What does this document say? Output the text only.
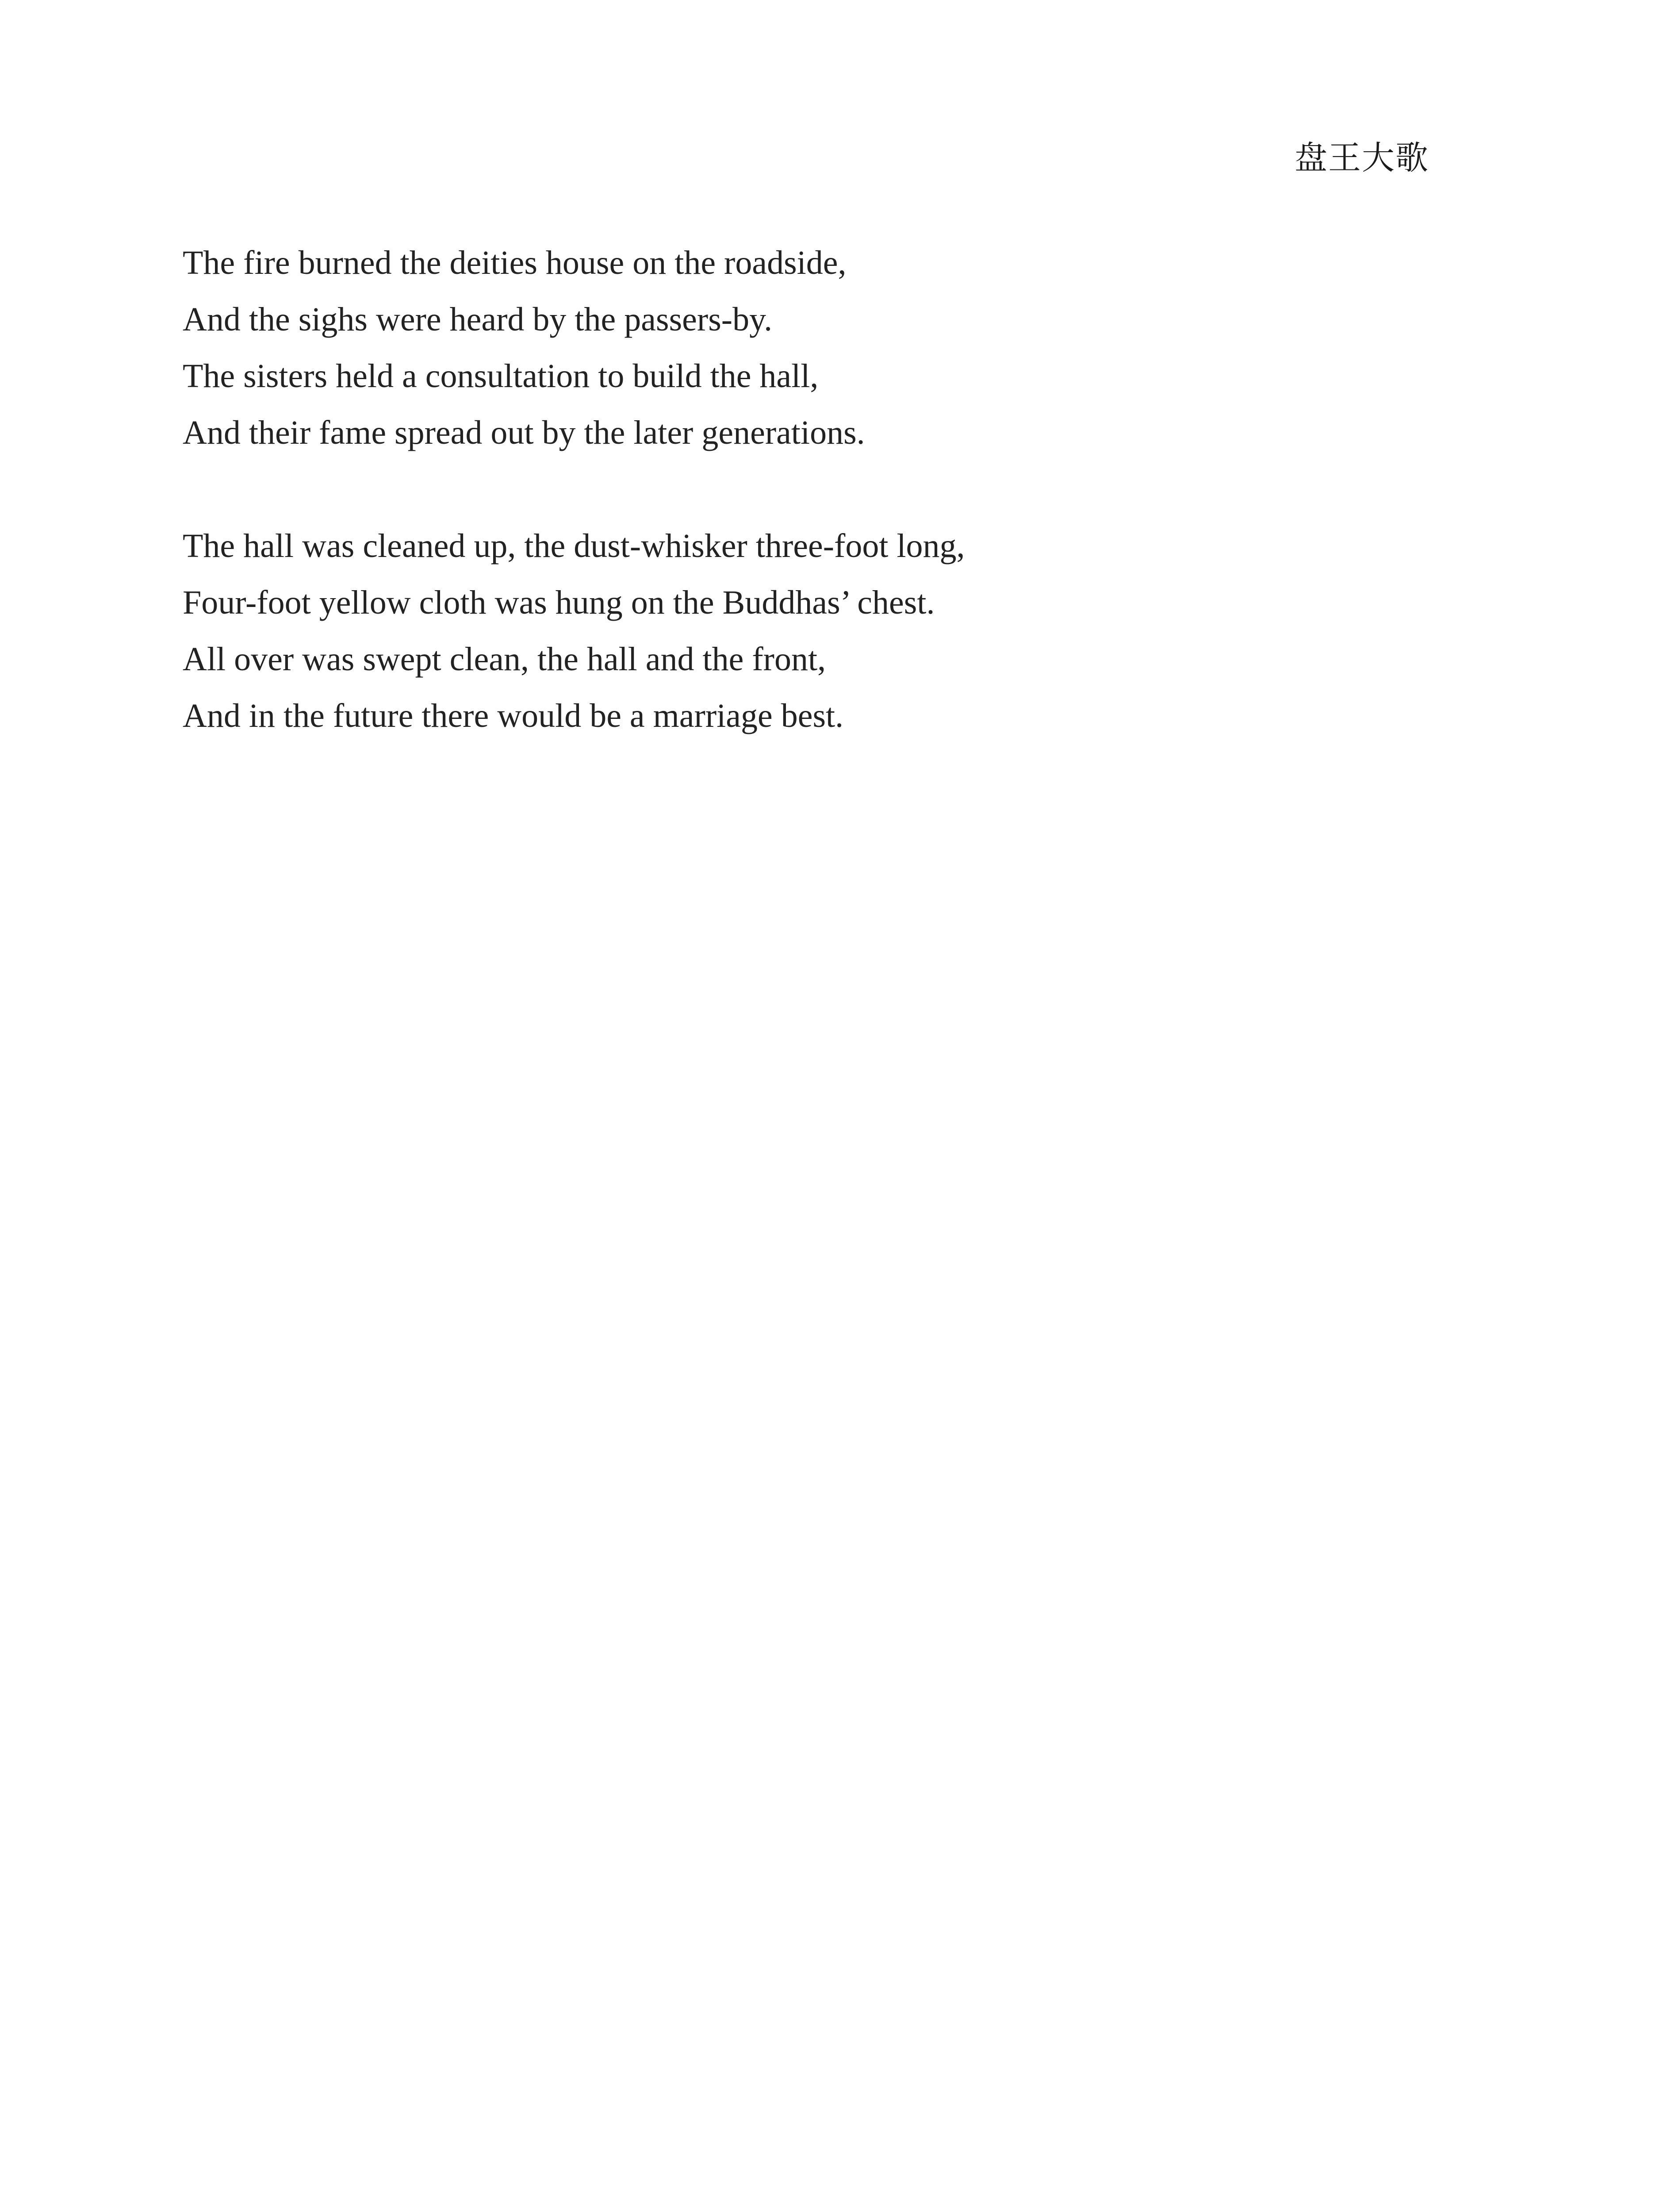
盘王大歌
The fire burned the deities house on the roadside,
And the sighs were heard by the passers-by.
The sisters held a consultation to build the hall,
And their fame spread out by the later generations.
The hall was cleaned up, the dust-whisker three-foot long,
Four-foot yellow cloth was hung on the Buddhas’ chest.
All over was swept clean, the hall and the front,
And in the future there would be a marriage best.
